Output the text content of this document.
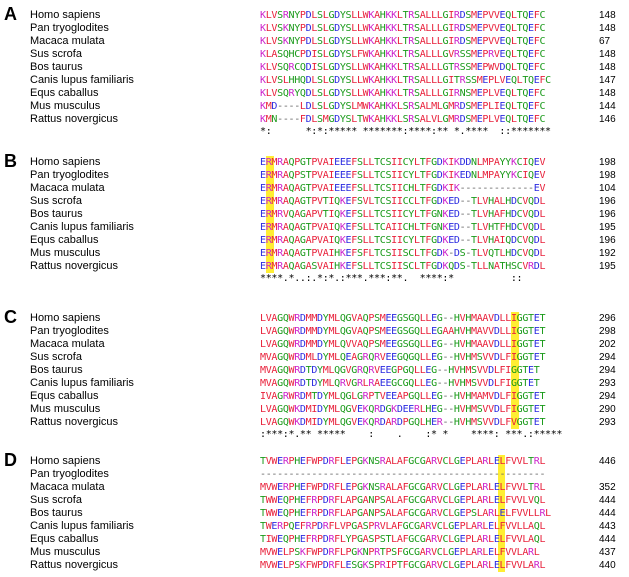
A Homo sapiens	KLVSRNYPDLSLGDYSLLWKAHKKLTRSALLLGIRDSMEPVVEQLTQEFC	148
Pan tryoglodites	KLVSKNYPDLSLGDYSLLWKAHKKLTRSALLLGIRDSMEPVVEQLTQEFC	148
Macaca mulata	KLVSKNYPDLSLGDYSLLWKAHKKLTRSALLLGIRDSMEPVVEQLTQEFC	67
Sus scrofa	KLASQHCPDISLGDYSLFWKAHKKLTRSALLLGVRSSMEPRVEQLTQEFC	148
Bos taurus	KLVSQRCQDISLGDYSLLWKAHKKLTRSALLLGTRSSMEPWVDQLTQEFC	148
Canis lupus familiaris	KLVSLHHQDLSLGDYSLLWKAHKKLTRSALLLGITRSSMEPLVEQLTQEFC	147
Equs caballus	KLVSQRYQDLSLGDYSLLWKAHKKLTRSALLLGIRNSMEPLVEQLTQEFC	148
Mus musculus	KMD----LDLSLGDYSLMWKAHKKLSRSALMLGMRDSMEPLIEQLTQEFC	144
Rattus novergicus	KMN----FDLSMGDYSLTWKAHKKLSRSALVLGMRDSMEPLVEQLTQEFC	146
*:      *:*:***** *******:****:** *.****  ::*******
B Homo sapiens	ERMRAQPGTPVAIEEEFSLLTCSIICYLTFGDKIKDDNLMPAYYKCIQEV	198
Pan tryoglodites	ERMRAQPSTPVAIEEEFSLLTCSIICYLTFGDKIKEDNLMPAYYKCIQEV	198
Macaca mulata	ERMRAQAGTPVAIEEEFSLLTCSIICHLTFGDKIK-------------EV	104
Sus scrofa	ERMRAQAGTPVTIQKEFSVLTCSIICCLTFGDKED--TLVHALHDCVQDL	196
Bos taurus	ERMRVQAGAPVTIQKEFSLLTCSIICYLTFGNKED--TLVHAFHDCVQDL	196
Canis lupus familiaris	ERMRAQAGTPVAIQKEFSLLTCAIICHLTFGNKED--TLVHTFHDCVQDL	195
Equs caballus	ERMRAQAGAPVAIQKEFSLLTCSIICYLTFGDKED--TLVHAIQDCVQDL	196
Mus musculus	ERMRAQAGTPVAIHKEFSFLTCSIISCLTFGDK-DS-TLVQTLHDCVQDL	192
Rattus novergicus	ERMRAQAGASVAIHKEFSLLTCSIISCLTFGDKQDS-TLLNATHSCVRDL	195
****.*..:.*:*.:***.***:**.  ****:*          ::
C Homo sapiens	LVAGQWRDMMDYMLQGVAQPSMEEGSGQLLEG--HVHMAAVDLLIGGTET	296
Pan tryoglodites	LVAGQWRDMMDYMLQGVAQPSMEEGSGQLLEGAAHVHMAVVDLLIGGTET	298
Macaca mulata	LVAGQWRDMMDYMLQVVAQPSMEEGSGQLLEG--HVHMAAVDLLIGGTET	202
Sus scrofa	MVAGQWRDMLDYMLQEAGRQRVEEGQGQLLEG--HVHMSVVDLFIGGTET	294
Bos taurus	MVAGQWRDTDYMLQGVGRQRVEEGPGQLLEG--HVHMSVVDLFIGGTET	294
Canis lupus familiaris	MVAGQWRDTDYMLQRVGRLRAEEGCGQLLEG--HVHMSVVDLFIGGTET	293
Equs caballus	IVAGRWRDMTDYMLQGLGRPTVEEAPGQLLEG--HVHMAMVDLFIGGTET	294
Mus musculus	LVAGQWKDMIDYMLQGVEKQRDGKDEERLHEG--HVHMSVVDLFIGGTET	290
Rattus novergicus	LVAGQWKDMIDYMLQGVEKQRDARDPGQLHER--HVHMSVVDLFVGGTET	293
:***:*.** *****    :    .    :* *    ****: ***.:*****
D Homo sapiens	TVWERPHEFWPDRFLEPGKNSRALAFGCGARVCLGEPLARLELFVVLTRL	446
Pan tryoglodites	--------------------------------------------------
Macaca mulata	MVWERPHEFWPDRFLEPGKNSRALAFGCGARVCLGEPLARLELFVVLTRL	352
Sus scrofa	TWWEQPHEFRPDRFLAPGANPSALAFGCGARVCLGEPLARLELFVVLVQL	444
Bos taurus	TWWEQPHEFRPDRFLAPGANPSALAFGCGARVCLGEPSLARLELFVVLLRL	444
Canis lupus familiaris	TWERPQEFRPDRFLVPGASPRVLAFGCGARVCLGEPLARLELFVVLLAQL	443
Equs caballus	TIWEQPHEFRPDRFLYPGASPSTLAFGCGARVCLGEPLARLELFVVLAQL	444
Mus musculus	MVWELPSKFWPDRFLPGKNPRTPSFGCGARVCLGEPLARLELFVVLARL	437
Rattus novergicus	MVWELPSKFWPDRFLESGKSPRIPTFGCGARVCLGEPLARLELFVVLARL	440
